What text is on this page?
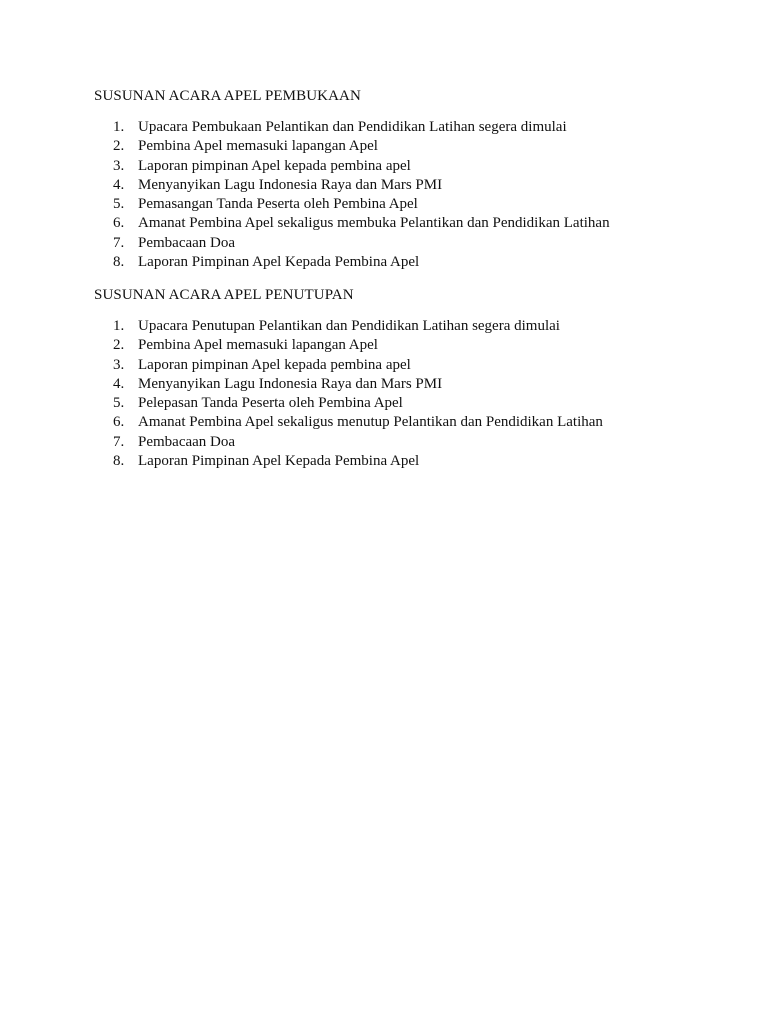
SUSUNAN ACARA APEL PEMBUKAAN
1. Upacara Pembukaan Pelantikan dan Pendidikan Latihan segera dimulai
2. Pembina Apel memasuki lapangan Apel
3. Laporan pimpinan Apel kepada pembina apel
4. Menyanyikan Lagu Indonesia Raya dan Mars PMI
5. Pemasangan Tanda Peserta oleh Pembina Apel
6. Amanat Pembina Apel sekaligus membuka Pelantikan dan Pendidikan Latihan
7. Pembacaan Doa
8. Laporan Pimpinan Apel Kepada Pembina Apel
SUSUNAN ACARA APEL PENUTUPAN
1. Upacara Penutupan Pelantikan dan Pendidikan Latihan segera dimulai
2. Pembina Apel memasuki lapangan Apel
3. Laporan pimpinan Apel kepada pembina apel
4. Menyanyikan Lagu Indonesia Raya dan Mars PMI
5. Pelepasan Tanda Peserta oleh Pembina Apel
6. Amanat Pembina Apel sekaligus menutup Pelantikan dan Pendidikan Latihan
7. Pembacaan Doa
8. Laporan Pimpinan Apel Kepada Pembina Apel
